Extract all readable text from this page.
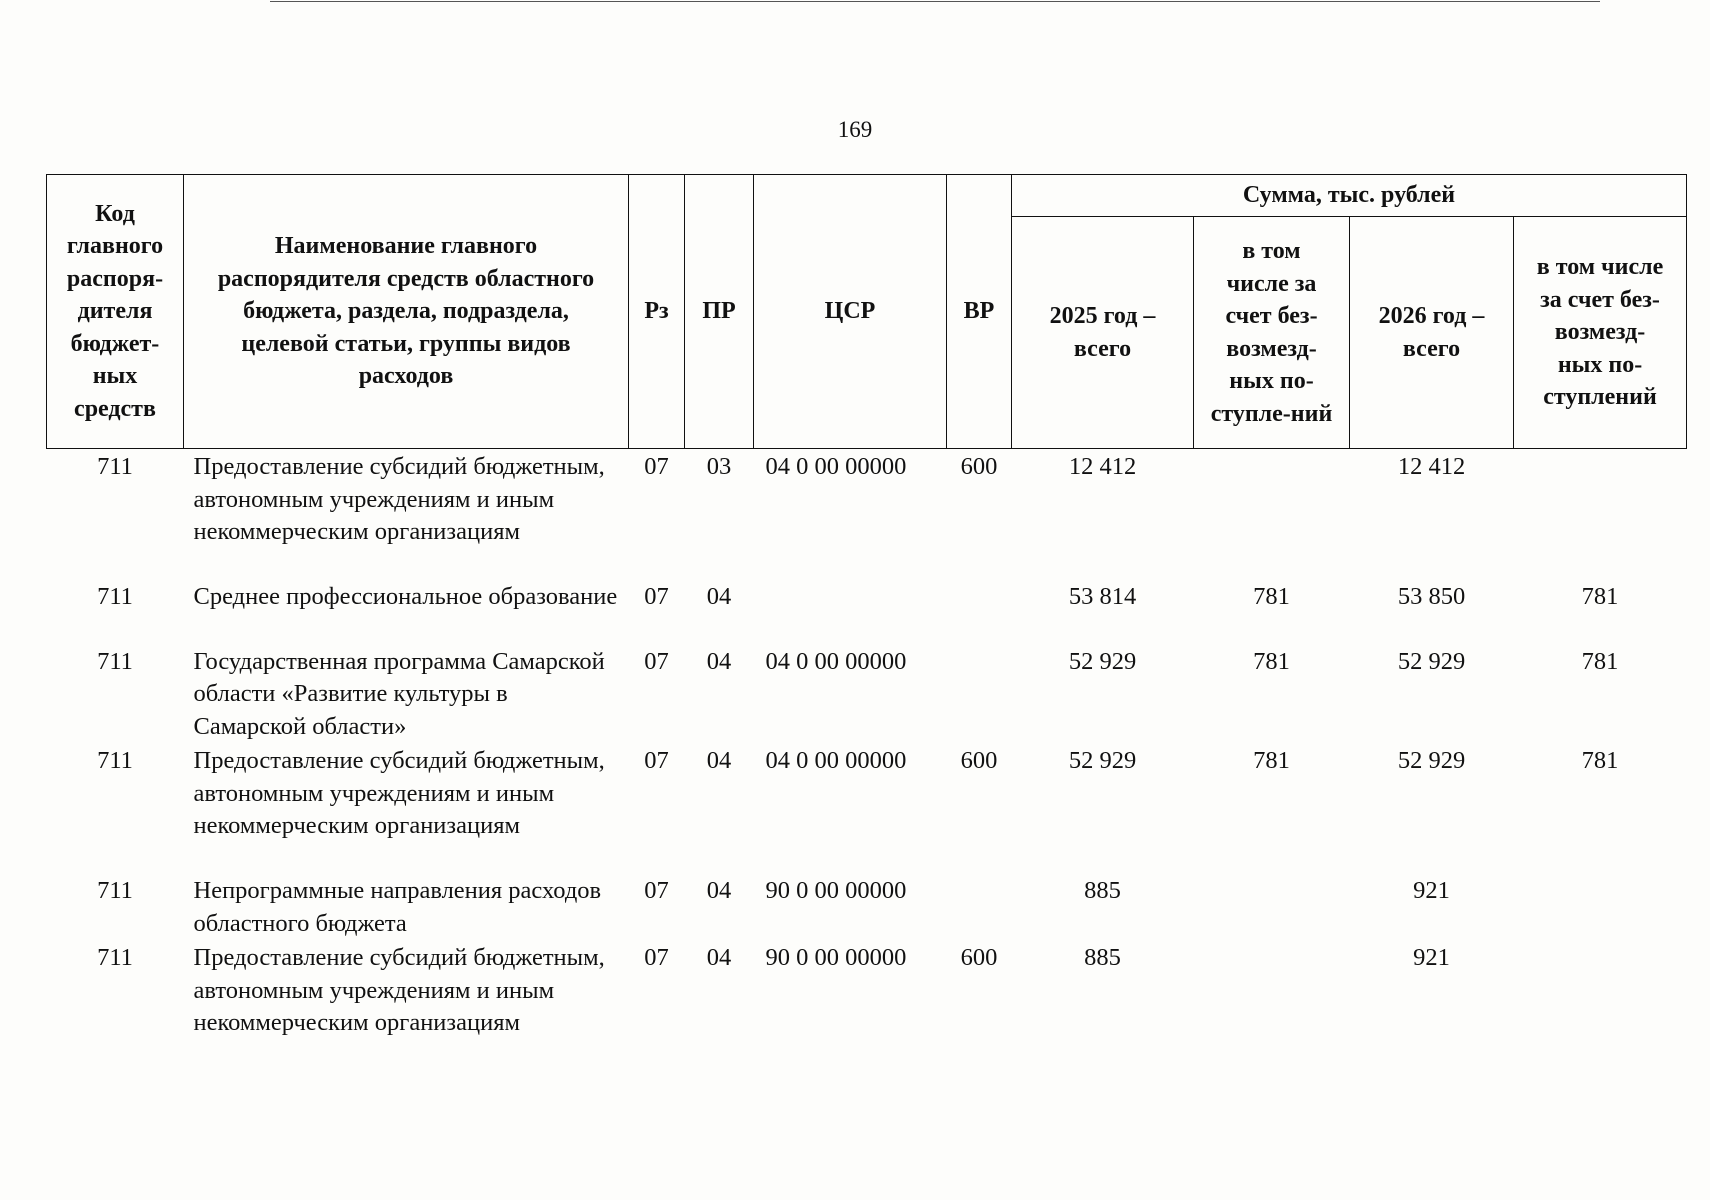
169
Код главного распоря-дителя бюджет-ных средств	Наименование главного распорядителя средств областного бюджета, раздела, подраздела, целевой статьи, группы видов расходов	Рз	ПР	ЦСР	ВР	Сумма, тыс. рублей			
						2025 год – всего	в том числе за счет без-возмезд-ных по-ступле-ний	2026 год – всего	в том числе за счет без-возмезд-ных по-ступлений
711	Предоставление субсидий бюджетным, автономным учреждениям и иным некоммерческим организациям	07	03	04 0 00 00000	600	12 412		12 412	
711	Среднее профессиональное образование	07	04			53 814	781	53 850	781
711	Государственная программа Самарской области «Развитие культуры в Самарской области»	07	04	04 0 00 00000		52 929	781	52 929	781
711	Предоставление субсидий бюджетным, автономным учреждениям и иным некоммерческим организациям	07	04	04 0 00 00000	600	52 929	781	52 929	781
711	Непрограммные направления расходов областного бюджета	07	04	90 0 00 00000		885		921	
711	Предоставление субсидий бюджетным, автономным учреждениям и иным некоммерческим организациям	07	04	90 0 00 00000	600	885		921	
